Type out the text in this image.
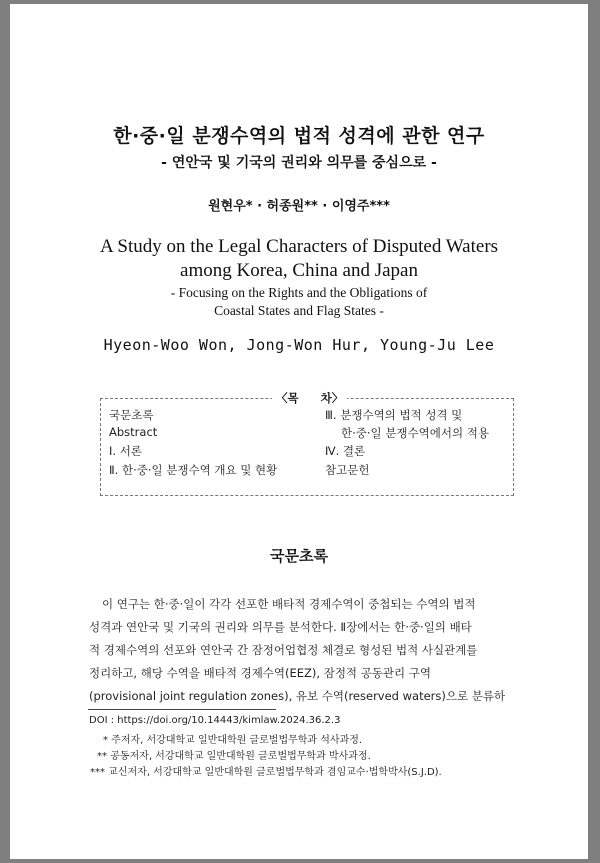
한·중·일 분쟁수역의 법적 성격에 관한 연구
- 연안국 및 기국의 권리와 의무를 중심으로 -
원현우* · 허종원** · 이영주***
A Study on the Legal Characters of Disputed Waters
among Korea, China and Japan
- Focusing on the Rights and the Obligations of
Coastal States and Flag States -
Hyeon-Woo Won, Jong-Won Hur, Young-Ju Lee
〈목 차〉
국문초록
Abstract
Ⅰ. 서론
Ⅱ. 한·중·일 분쟁수역 개요 및 현황
Ⅲ. 분쟁수역의 법적 성격 및
한·중·일 분쟁수역에서의 적용
Ⅳ. 결론
참고문헌
국문초록
이 연구는 한·중·일이 각각 선포한 배타적 경제수역이 중첩되는 수역의 법적
성격과 연안국 및 기국의 권리와 의무를 분석한다. Ⅱ장에서는 한·중·일의 배타
적 경제수역의 선포와 연안국 간 잠정어업협정 체결로 형성된 법적 사실관계를
정리하고, 해당 수역을 배타적 경제수역(EEZ), 잠정적 공동관리 구역
(provisional joint regulation zones), 유보 수역(reserved waters)으로 분류하
DOI : https://doi.org/10.14443/kimlaw.2024.36.2.3
* 주저자, 서강대학교 일반대학원 글로벌법무학과 석사과정.
** 공동저자, 서강대학교 일반대학원 글로벌법무학과 박사과정.
*** 교신저자, 서강대학교 일반대학원 글로벌법무학과 겸임교수·법학박사(S.J.D).
